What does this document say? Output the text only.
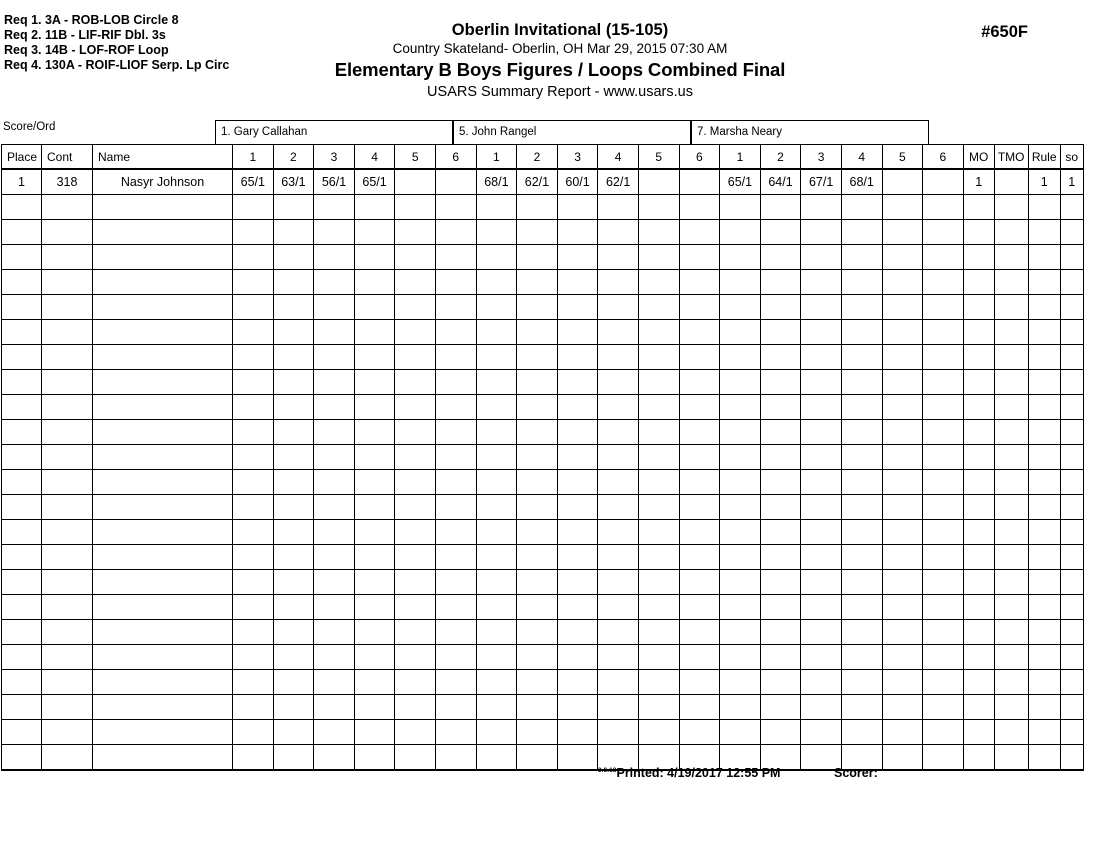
Req 1. 3A - ROB-LOB Circle 8
Req 2. 11B - LIF-RIF Dbl. 3s
Req 3. 14B - LOF-ROF Loop
Req 4. 130A - ROIF-LIOF Serp. Lp Circ
Oberlin Invitational (15-105)
Country Skateland- Oberlin, OH Mar 29, 2015 07:30 AM
Elementary B Boys Figures / Loops Combined Final
USARS Summary Report - www.usars.us
#650F
Score/Ord	1. Gary Callahan	5. John Rangel	7. Marsha Neary
Place	Cont	Name	1	2	3	4	5	6	1	2	3	4	5	6	1	2	3	4	5	6	MO	TMO	Rule	so
1	318	Nasyr Johnson	65/1	63/1	56/1	65/1			68/1	62/1	60/1	62/1			65/1	64/1	67/1	68/1			1		1	1

$^{3.8.18}$Printed: 4/19/2017 12:55 PM	Scorer:
